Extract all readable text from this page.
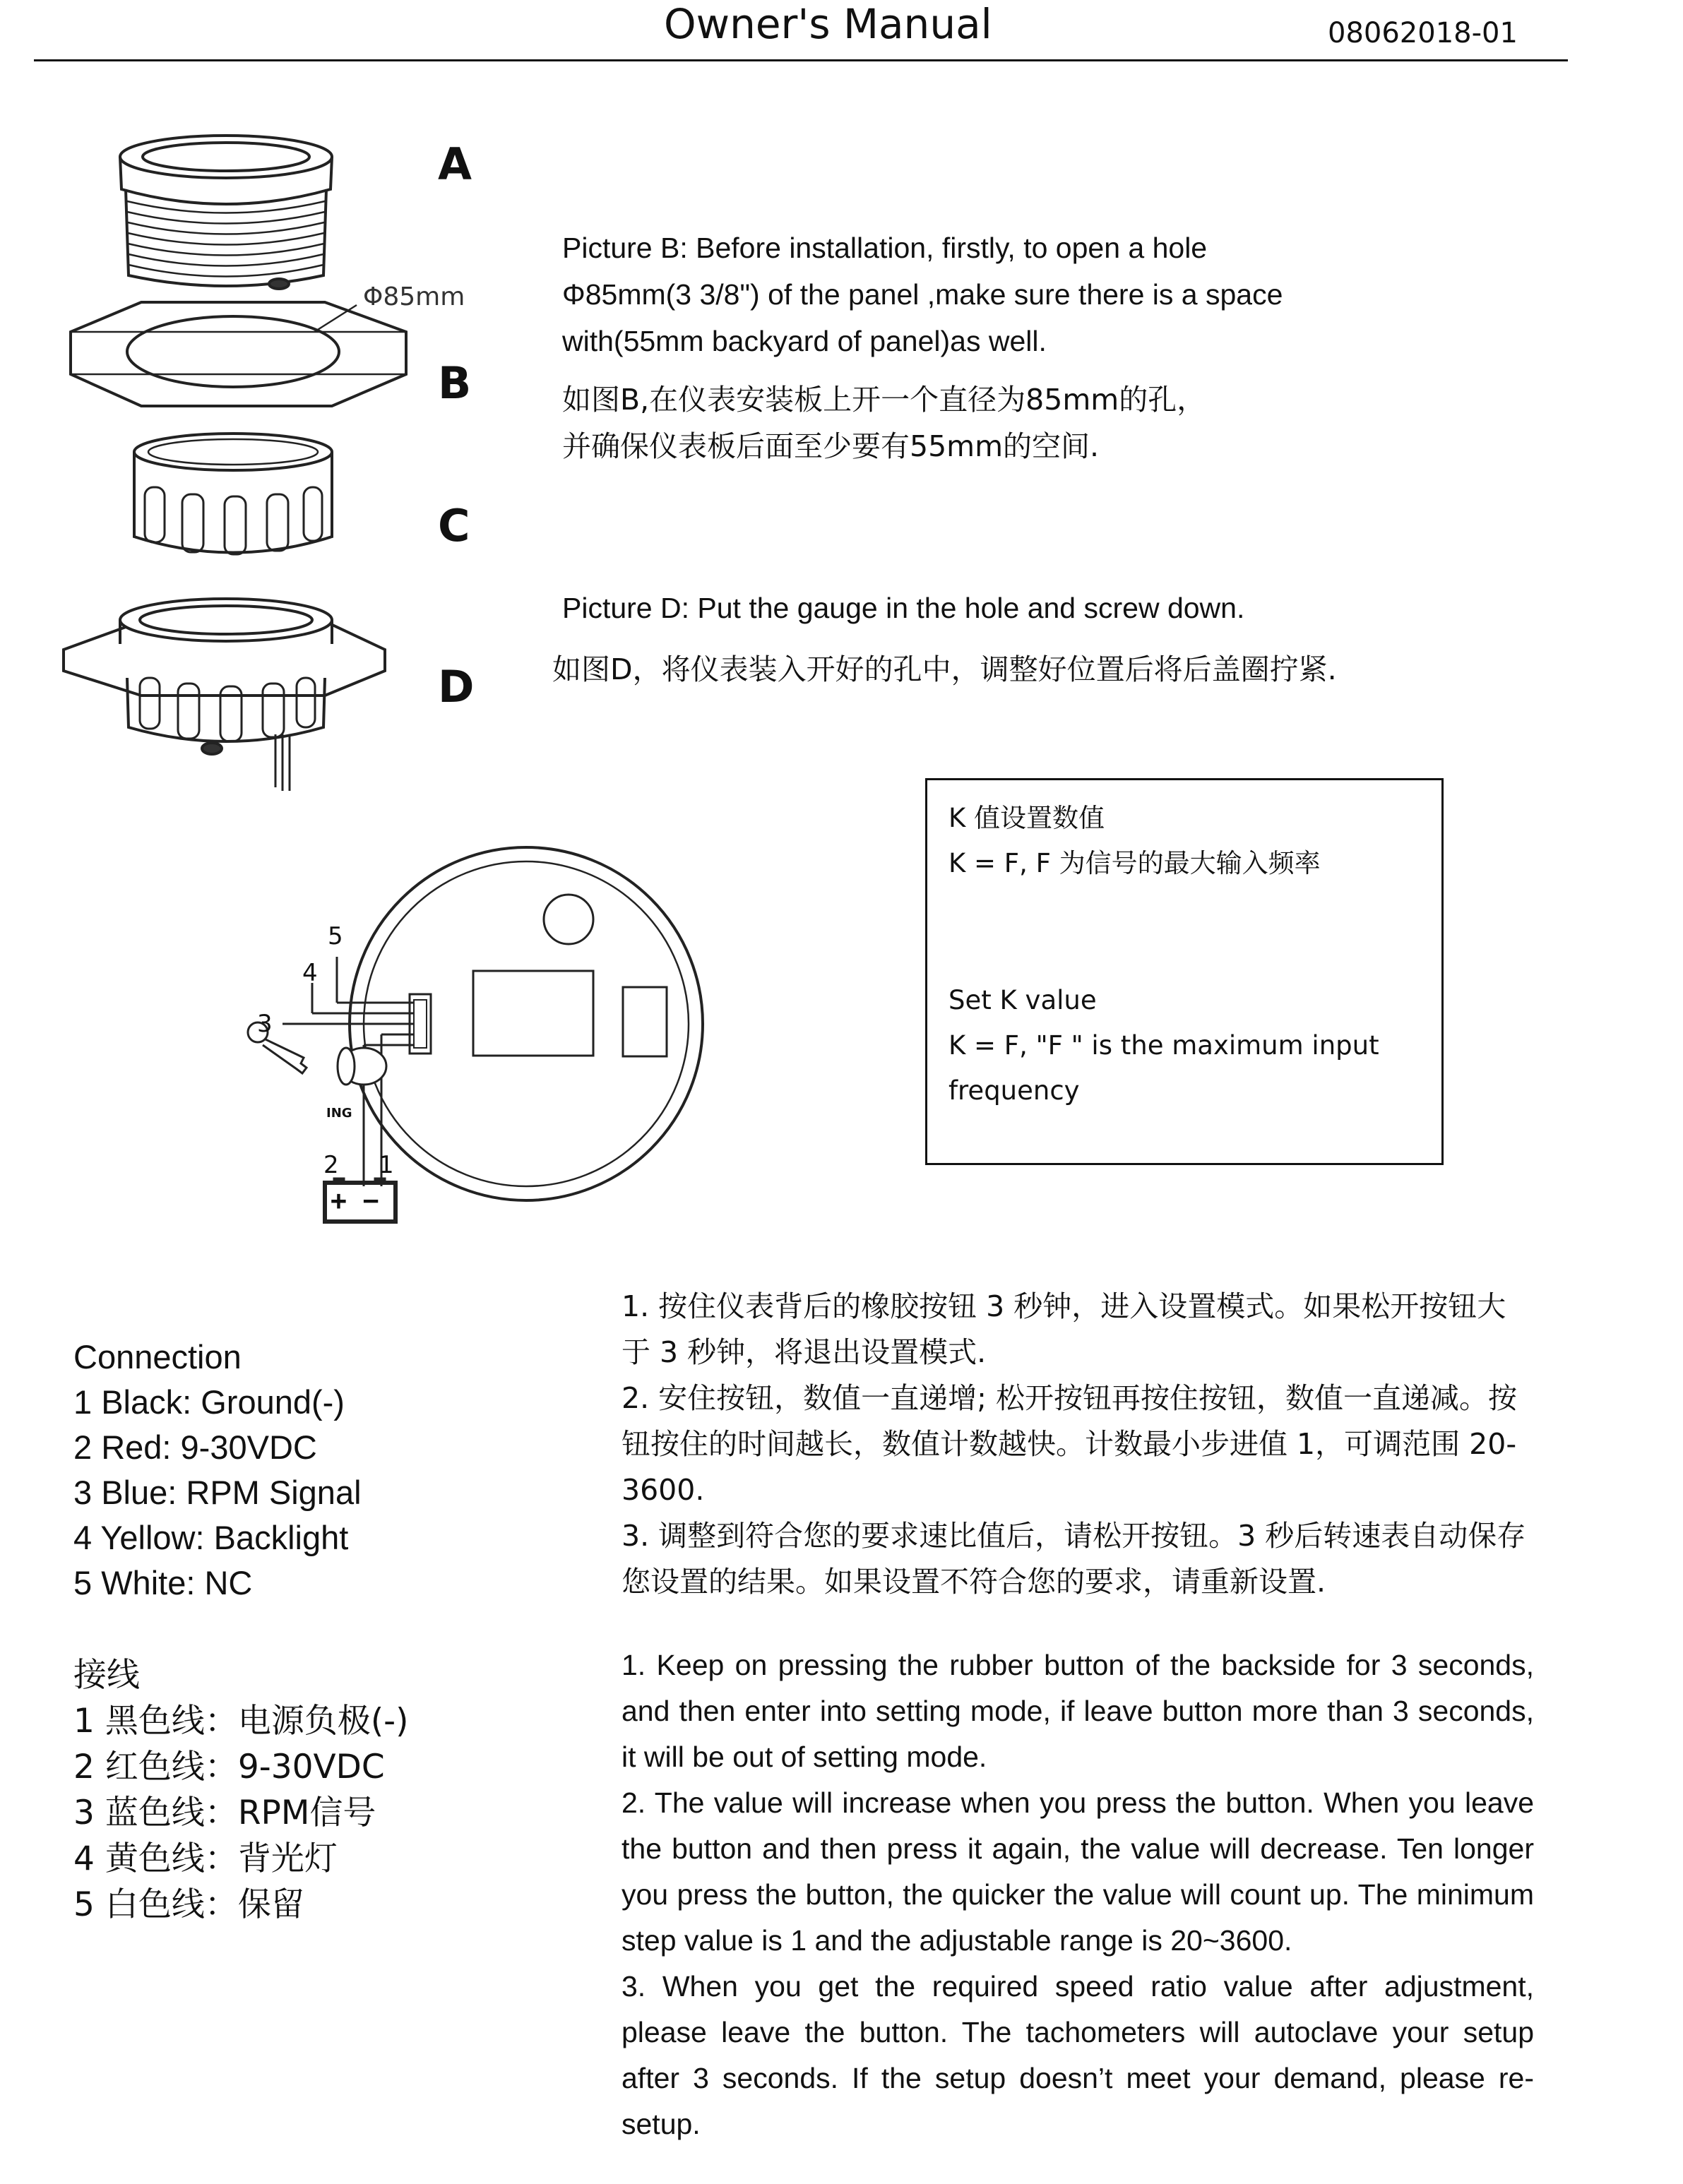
Owner's Manual	08062018-01
Φ85mm
A
B
C
D
Picture B: Before installation, firstly, to open a hole
Φ85mm(3 3/8") of the panel ,make sure there is a space
with(55mm backyard of panel)as well.
如图B,在仪表安装板上开一个直径为85mm的孔，
并确保仪表板后面至少要有55mm的空间.
Picture D: Put the gauge in the hole and screw down.
如图D，将仪表装入开好的孔中，调整好位置后将后盖圈拧紧.
5
4
3
2 1
ING
+ −
K 值设置数值
K = F, F 为信号的最大输入频率
Set K value
K = F, "F " is the maximum input
frequency
Connection
1 Black: Ground(-)
2 Red: 9-30VDC
3 Blue: RPM Signal
4 Yellow: Backlight
5 White: NC
接线
1 黑色线：电源负极(-)
2 红色线：9-30VDC
3 蓝色线：RPM信号
4 黄色线：背光灯
5 白色线：保留

1. 按住仪表背后的橡胶按钮 3 秒钟，进入设置模式。如果松开按钮大于 3 秒钟，将退出设置模式.

2. 安住按钮，数值一直递增; 松开按钮再按住按钮，数值一直递减。按钮按住的时间越长，数值计数越快。计数最小步进值 1，可调范围 20-3600.

3. 调整到符合您的要求速比值后，请松开按钮。3 秒后转速表自动保存您设置的结果。如果设置不符合您的要求，请重新设置.

1. Keep on pressing the rubber button of the backside for 3 seconds, and then enter into setting mode, if leave button more than 3 seconds, it will be out of setting mode.

2. The value will increase when you press the button. When you leave the button and then press it again, the value will decrease. Ten longer you press the button, the quicker the value will count up. The minimum step value is 1 and the adjustable range is 20~3600.

3. When you get the required speed ratio value after adjustment, please leave the button. The tachometers will autoclave your setup after 3 seconds. If the setup doesn’t meet your demand, please re-setup.
